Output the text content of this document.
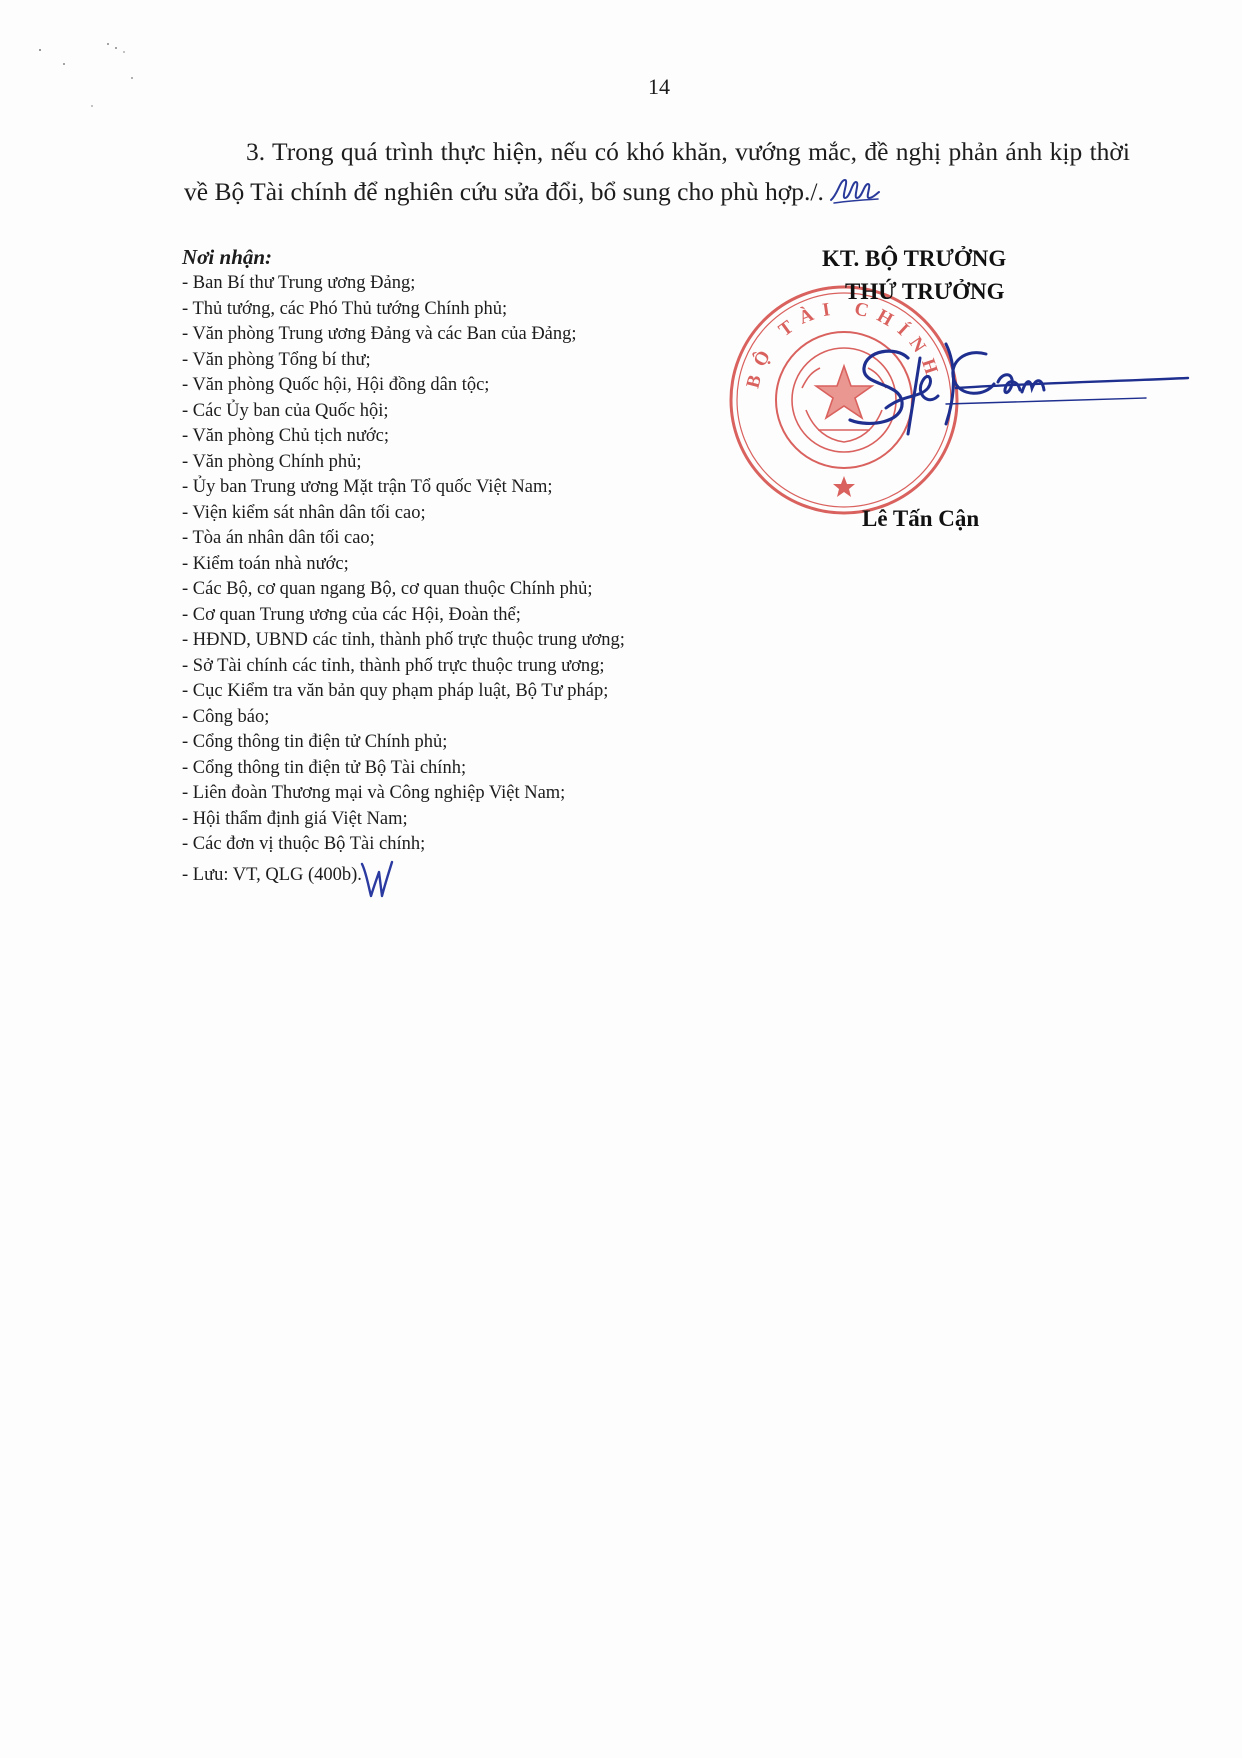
14

3. Trong quá trình thực hiện, nếu có khó khăn, vướng mắc, đề nghị phản ánh kịp thời về Bộ Tài chính để nghiên cứu sửa đổi, bổ sung cho phù hợp./.

Nơi nhận:
- Ban Bí thư Trung ương Đảng;
- Thủ tướng, các Phó Thủ tướng Chính phủ;
- Văn phòng Trung ương Đảng và các Ban của Đảng;
- Văn phòng Tổng bí thư;
- Văn phòng Quốc hội, Hội đồng dân tộc;
- Các Ủy ban của Quốc hội;
- Văn phòng Chủ tịch nước;
- Văn phòng Chính phủ;
- Ủy ban Trung ương Mặt trận Tổ quốc Việt Nam;
- Viện kiểm sát nhân dân tối cao;
- Tòa án nhân dân tối cao;
- Kiểm toán nhà nước;
- Các Bộ, cơ quan ngang Bộ, cơ quan thuộc Chính phủ;
- Cơ quan Trung ương của các Hội, Đoàn thể;
- HĐND, UBND các tỉnh, thành phố trực thuộc trung ương;
- Sở Tài chính các tỉnh, thành phố trực thuộc trung ương;
- Cục Kiểm tra văn bản quy phạm pháp luật, Bộ Tư pháp;
- Công báo;
- Cổng thông tin điện tử Chính phủ;
- Cổng thông tin điện tử Bộ Tài chính;
- Liên đoàn Thương mại và Công nghiệp Việt Nam;
- Hội thẩm định giá Việt Nam;
- Các đơn vị thuộc Bộ Tài chính;
- Lưu: VT, QLG (400b).
KT. BỘ TRƯỞNG
THỨ TRƯỞNG
BỘ TÀI CHÍNH
Lê Tấn Cận
